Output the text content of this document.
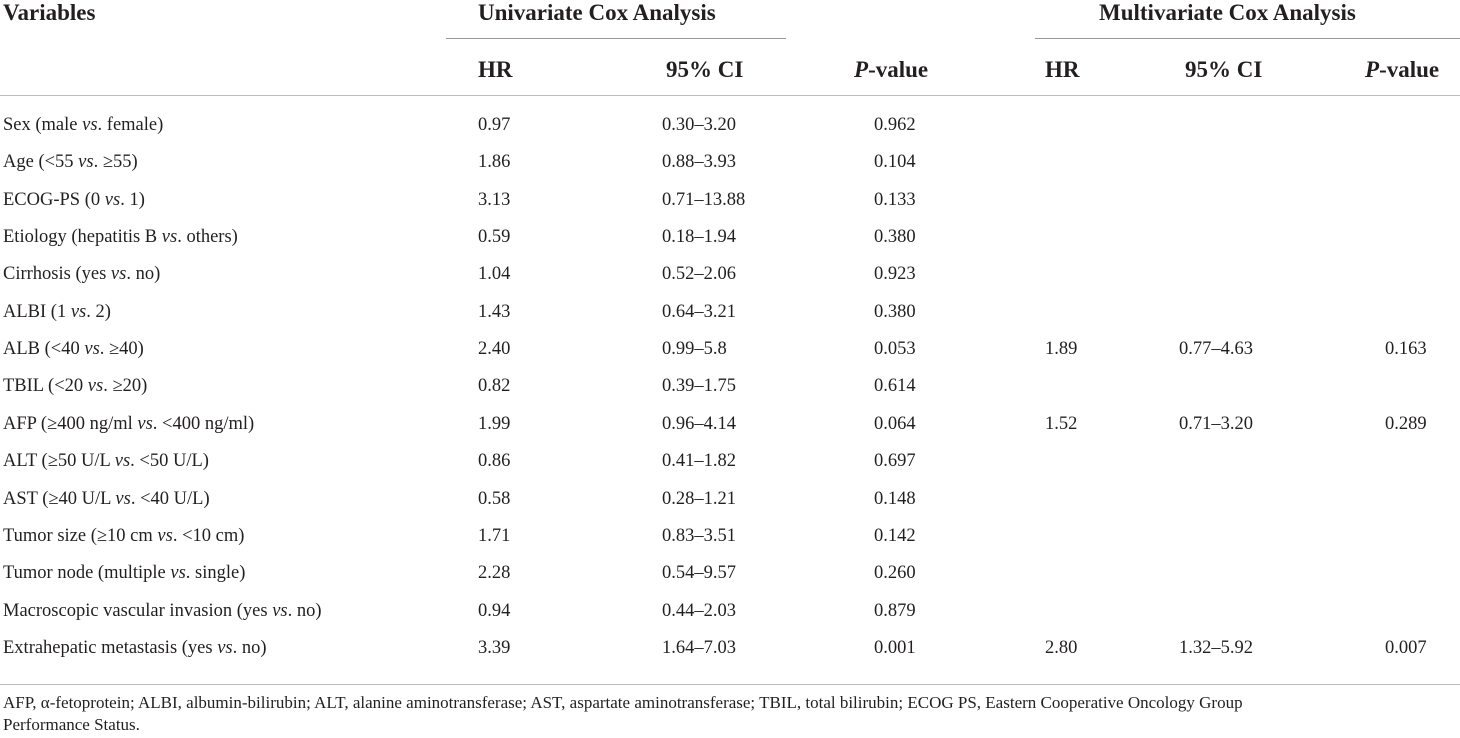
Variables	Univariate Cox Analysis	Multivariate Cox Analysis
HR	95% CI	P-value	HR	95% CI	P-value
Sex (male vs. female)	0.97	0.30–3.20	0.962
Age (<55 vs. ≥55)	1.86	0.88–3.93	0.104
ECOG-PS (0 vs. 1)	3.13	0.71–13.88	0.133
Etiology (hepatitis B vs. others)	0.59	0.18–1.94	0.380
Cirrhosis (yes vs. no)	1.04	0.52–2.06	0.923
ALBI (1 vs. 2)	1.43	0.64–3.21	0.380
ALB (<40 vs. ≥40)	2.40	0.99–5.8	0.053	1.89	0.77–4.63	0.163
TBIL (<20 vs. ≥20)	0.82	0.39–1.75	0.614
AFP (≥400 ng/ml vs. <400 ng/ml)	1.99	0.96–4.14	0.064	1.52	0.71–3.20	0.289
ALT (≥50 U/L vs. <50 U/L)	0.86	0.41–1.82	0.697
AST (≥40 U/L vs. <40 U/L)	0.58	0.28–1.21	0.148
Tumor size (≥10 cm vs. <10 cm)	1.71	0.83–3.51	0.142
Tumor node (multiple vs. single)	2.28	0.54–9.57	0.260
Macroscopic vascular invasion (yes vs. no)	0.94	0.44–2.03	0.879
Extrahepatic metastasis (yes vs. no)	3.39	1.64–7.03	0.001	2.80	1.32–5.92	0.007
AFP, α-fetoprotein; ALBI, albumin-bilirubin; ALT, alanine aminotransferase; AST, aspartate aminotransferase; TBIL, total bilirubin; ECOG PS, Eastern Cooperative Oncology Group
Performance Status.
